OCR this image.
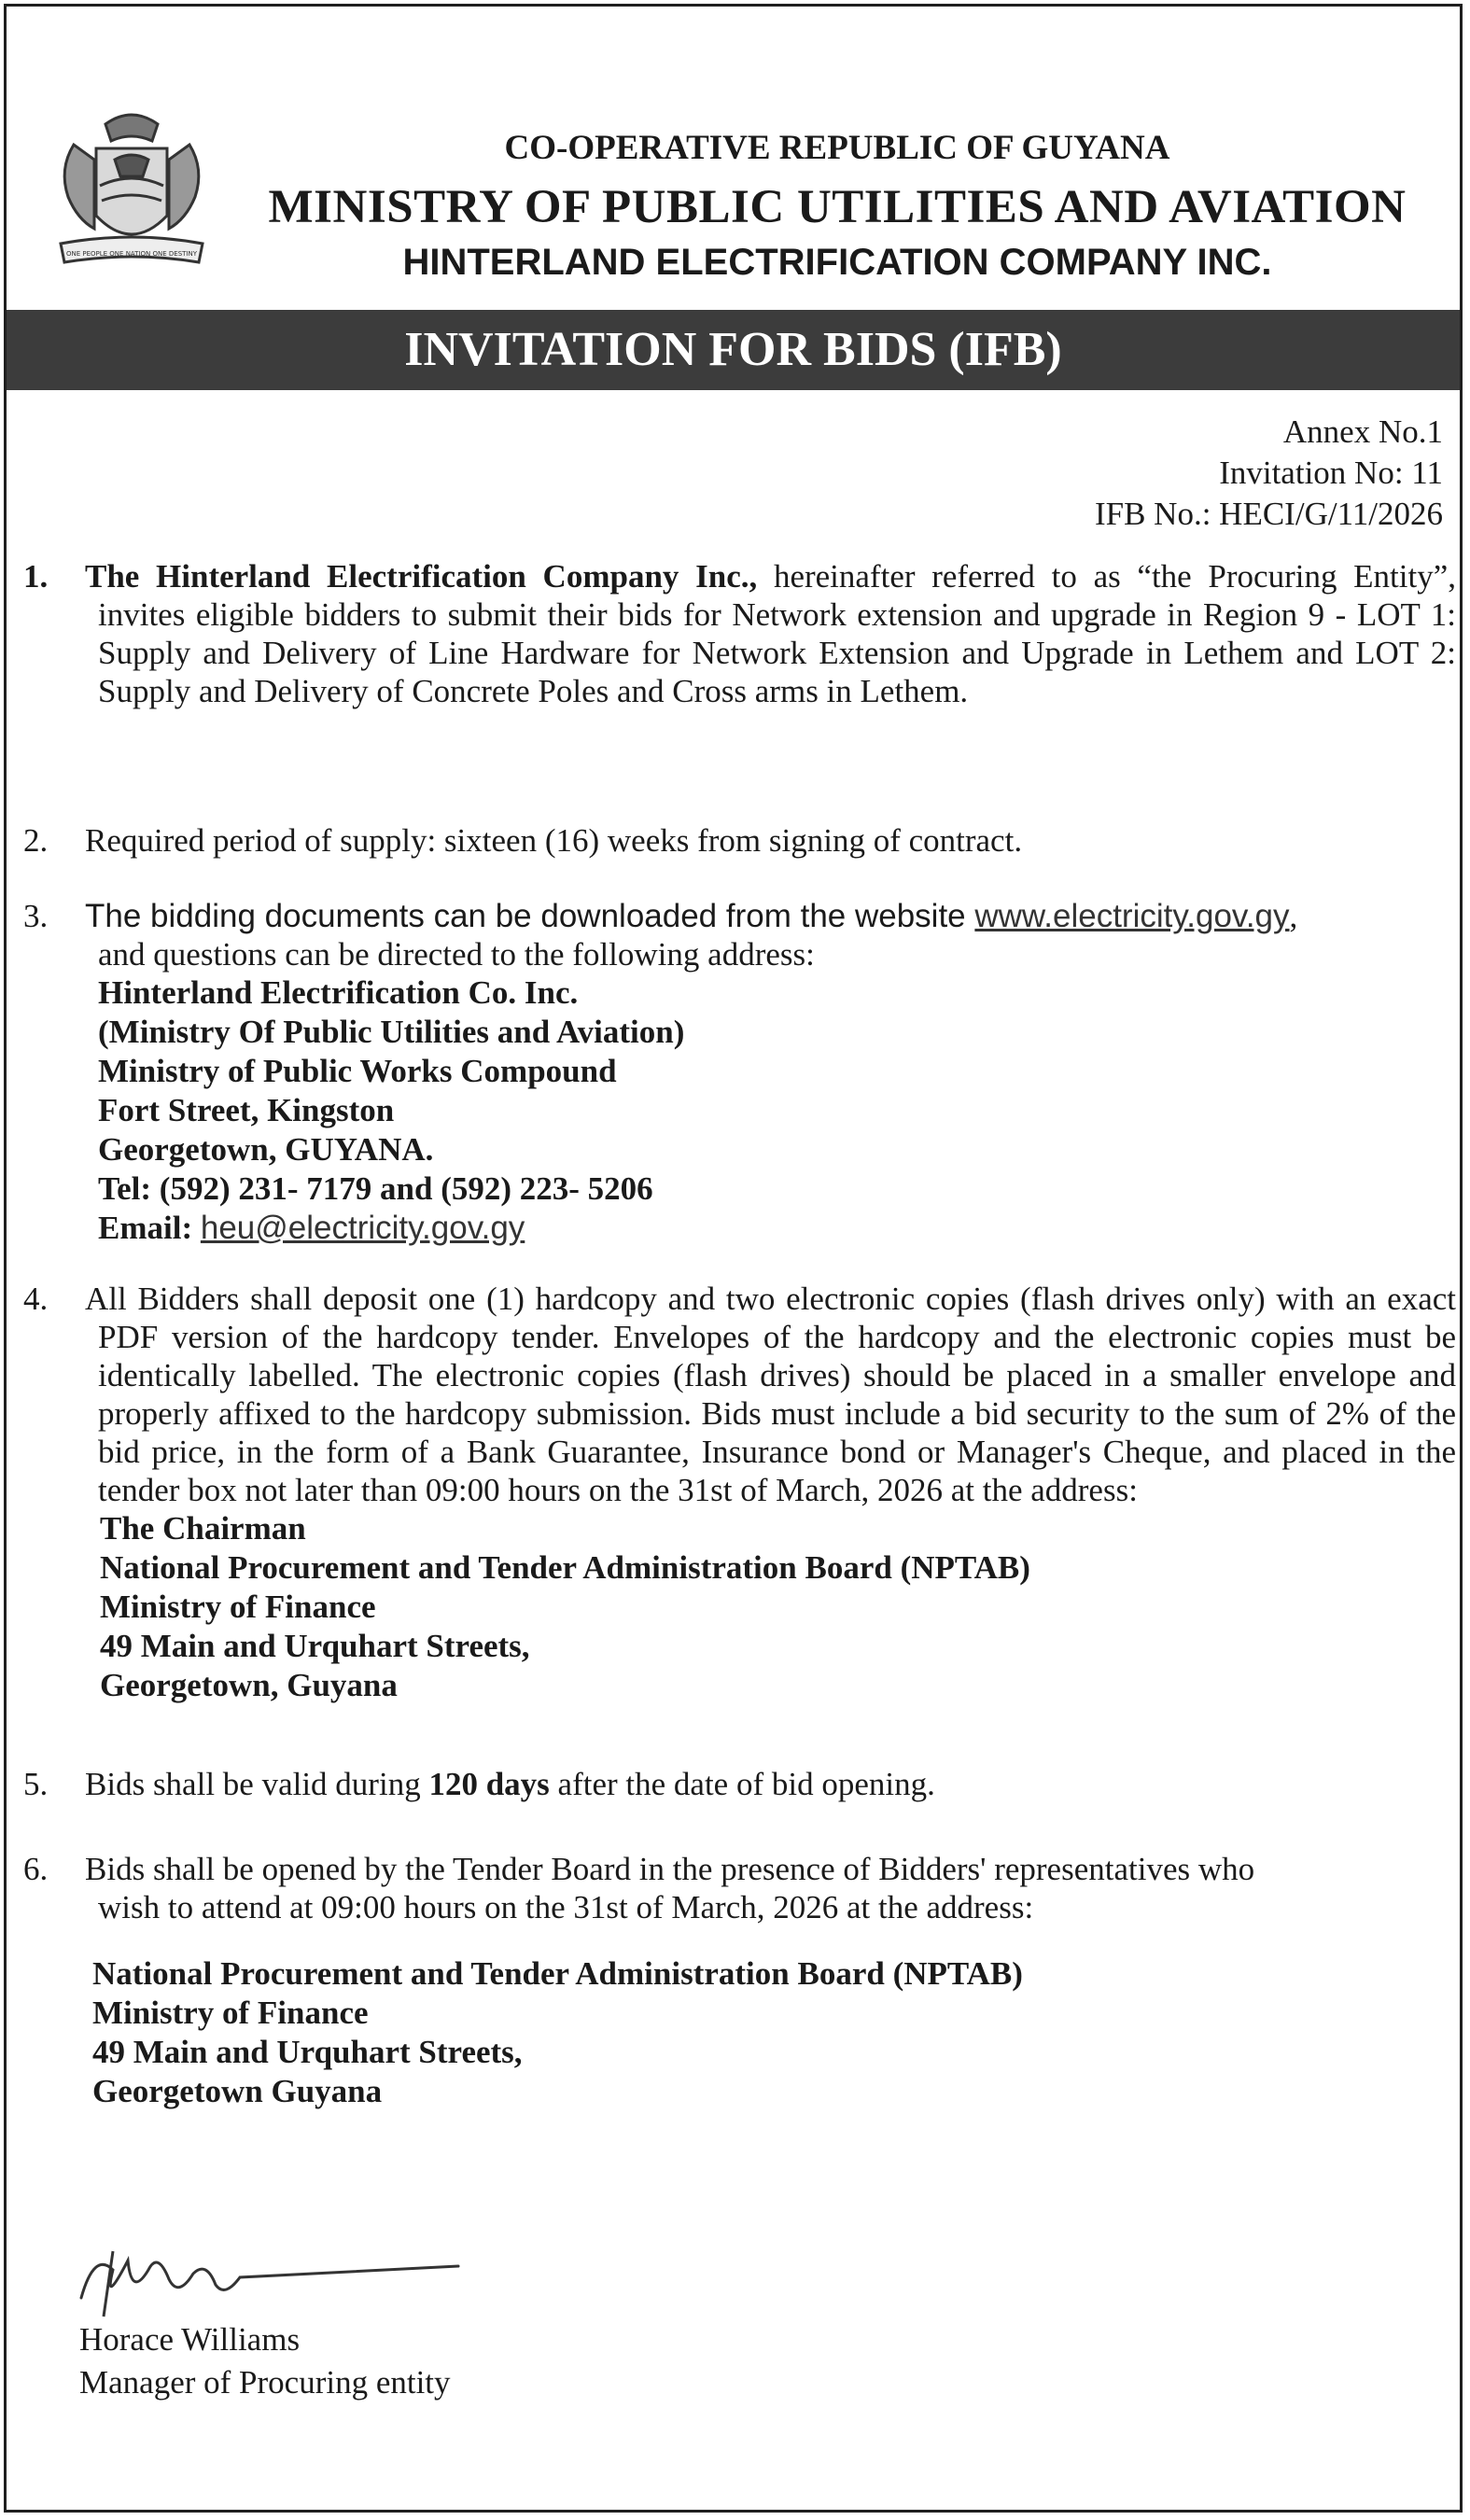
ONE PEOPLE ONE NATION ONE DESTINY
CO-OPERATIVE REPUBLIC OF GUYANA
MINISTRY OF PUBLIC UTILITIES AND AVIATION
HINTERLAND ELECTRIFICATION COMPANY INC.
INVITATION FOR BIDS (IFB)
Annex No.1
Invitation No: 11
IFB No.: HECI/G/11/2026
1.	The Hinterland Electrification Company Inc., hereinafter referred to as “the Procuring Entity”, invites eligible bidders to submit their bids for Network extension and upgrade in Region 9 - LOT 1: Supply and Delivery of Line Hardware for Network Extension and Upgrade in Lethem and LOT 2: Supply and Delivery of Concrete Poles and Cross arms in Lethem.
2. Required period of supply: sixteen (16) weeks from signing of contract.
3. The bidding documents can be downloaded from the website www.electricity.gov.gy,
and questions can be directed to the following address:
Hinterland Electrification Co. Inc.
(Ministry Of Public Utilities and Aviation)
Ministry of Public Works Compound
Fort Street, Kingston
Georgetown, GUYANA.
Tel: (592) 231- 7179 and (592) 223- 5206
Email: heu@electricity.gov.gy
4.	All Bidders shall deposit one (1) hardcopy and two electronic copies (flash drives only) with an exact PDF version of the hardcopy tender. Envelopes of the hardcopy and the electronic copies must be identically labelled. The electronic copies (flash drives) should be placed in a smaller envelope and properly affixed to the hardcopy submission. Bids must include a bid security to the sum of 2% of the bid price, in the form of a Bank Guarantee, Insurance bond or Manager's Cheque, and placed in the tender box not later than 09:00 hours on the 31st of March, 2026 at the address:
The Chairman
National Procurement and Tender Administration Board (NPTAB)
Ministry of Finance
49 Main and Urquhart Streets,
Georgetown, Guyana
5. Bids shall be valid during 120 days after the date of bid opening.
6. Bids shall be opened by the Tender Board in the presence of Bidders' representatives who
wish to attend at 09:00 hours on the 31st of March, 2026 at the address:
National Procurement and Tender Administration Board (NPTAB)
Ministry of Finance
49 Main and Urquhart Streets,
Georgetown Guyana
Horace Williams
Manager of Procuring entity
